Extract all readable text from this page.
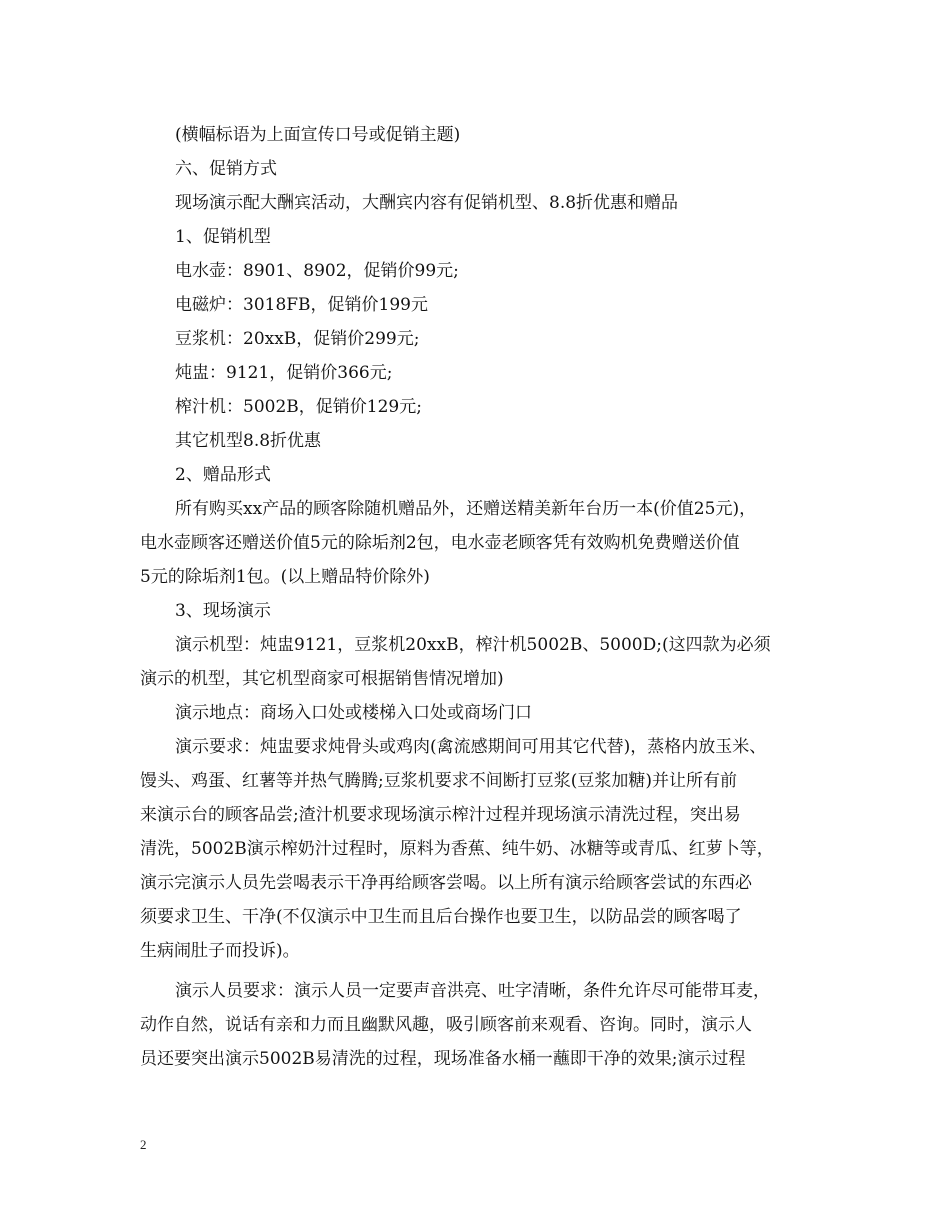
(横幅标语为上面宣传口号或促销主题)

六、促销方式

现场演示配大酬宾活动，大酬宾内容有促销机型、8.8折优惠和赠品

1、促销机型

电水壶：8901、8902，促销价99元;

电磁炉：3018FB，促销价199元

豆浆机：20xxB，促销价299元;

炖盅：9121，促销价366元;

榨汁机：5002B，促销价129元;

其它机型8.8折优惠

2、赠品形式

所有购买xx产品的顾客除随机赠品外，还赠送精美新年台历一本(价值25元)，

电水壶顾客还赠送价值5元的除垢剂2包，电水壶老顾客凭有效购机免费赠送价值

5元的除垢剂1包。(以上赠品特价除外)

3、现场演示

演示机型：炖盅9121，豆浆机20xxB，榨汁机5002B、5000D;(这四款为必须

演示的机型，其它机型商家可根据销售情况增加)

演示地点：商场入口处或楼梯入口处或商场门口

演示要求：炖盅要求炖骨头或鸡肉(禽流感期间可用其它代替)，蒸格内放玉米、

馒头、鸡蛋、红薯等并热气腾腾;豆浆机要求不间断打豆浆(豆浆加糖)并让所有前

来演示台的顾客品尝;渣汁机要求现场演示榨汁过程并现场演示清洗过程，突出易

清洗，5002B演示榨奶汁过程时，原料为香蕉、纯牛奶、冰糖等或青瓜、红萝卜等，

演示完演示人员先尝喝表示干净再给顾客尝喝。以上所有演示给顾客尝试的东西必

须要求卫生、干净(不仅演示中卫生而且后台操作也要卫生，以防品尝的顾客喝了

生病闹肚子而投诉)。

演示人员要求：演示人员一定要声音洪亮、吐字清晰，条件允许尽可能带耳麦，

动作自然，说话有亲和力而且幽默风趣，吸引顾客前来观看、咨询。同时，演示人

员还要突出演示5002B易清洗的过程，现场准备水桶一蘸即干净的效果;演示过程

2
